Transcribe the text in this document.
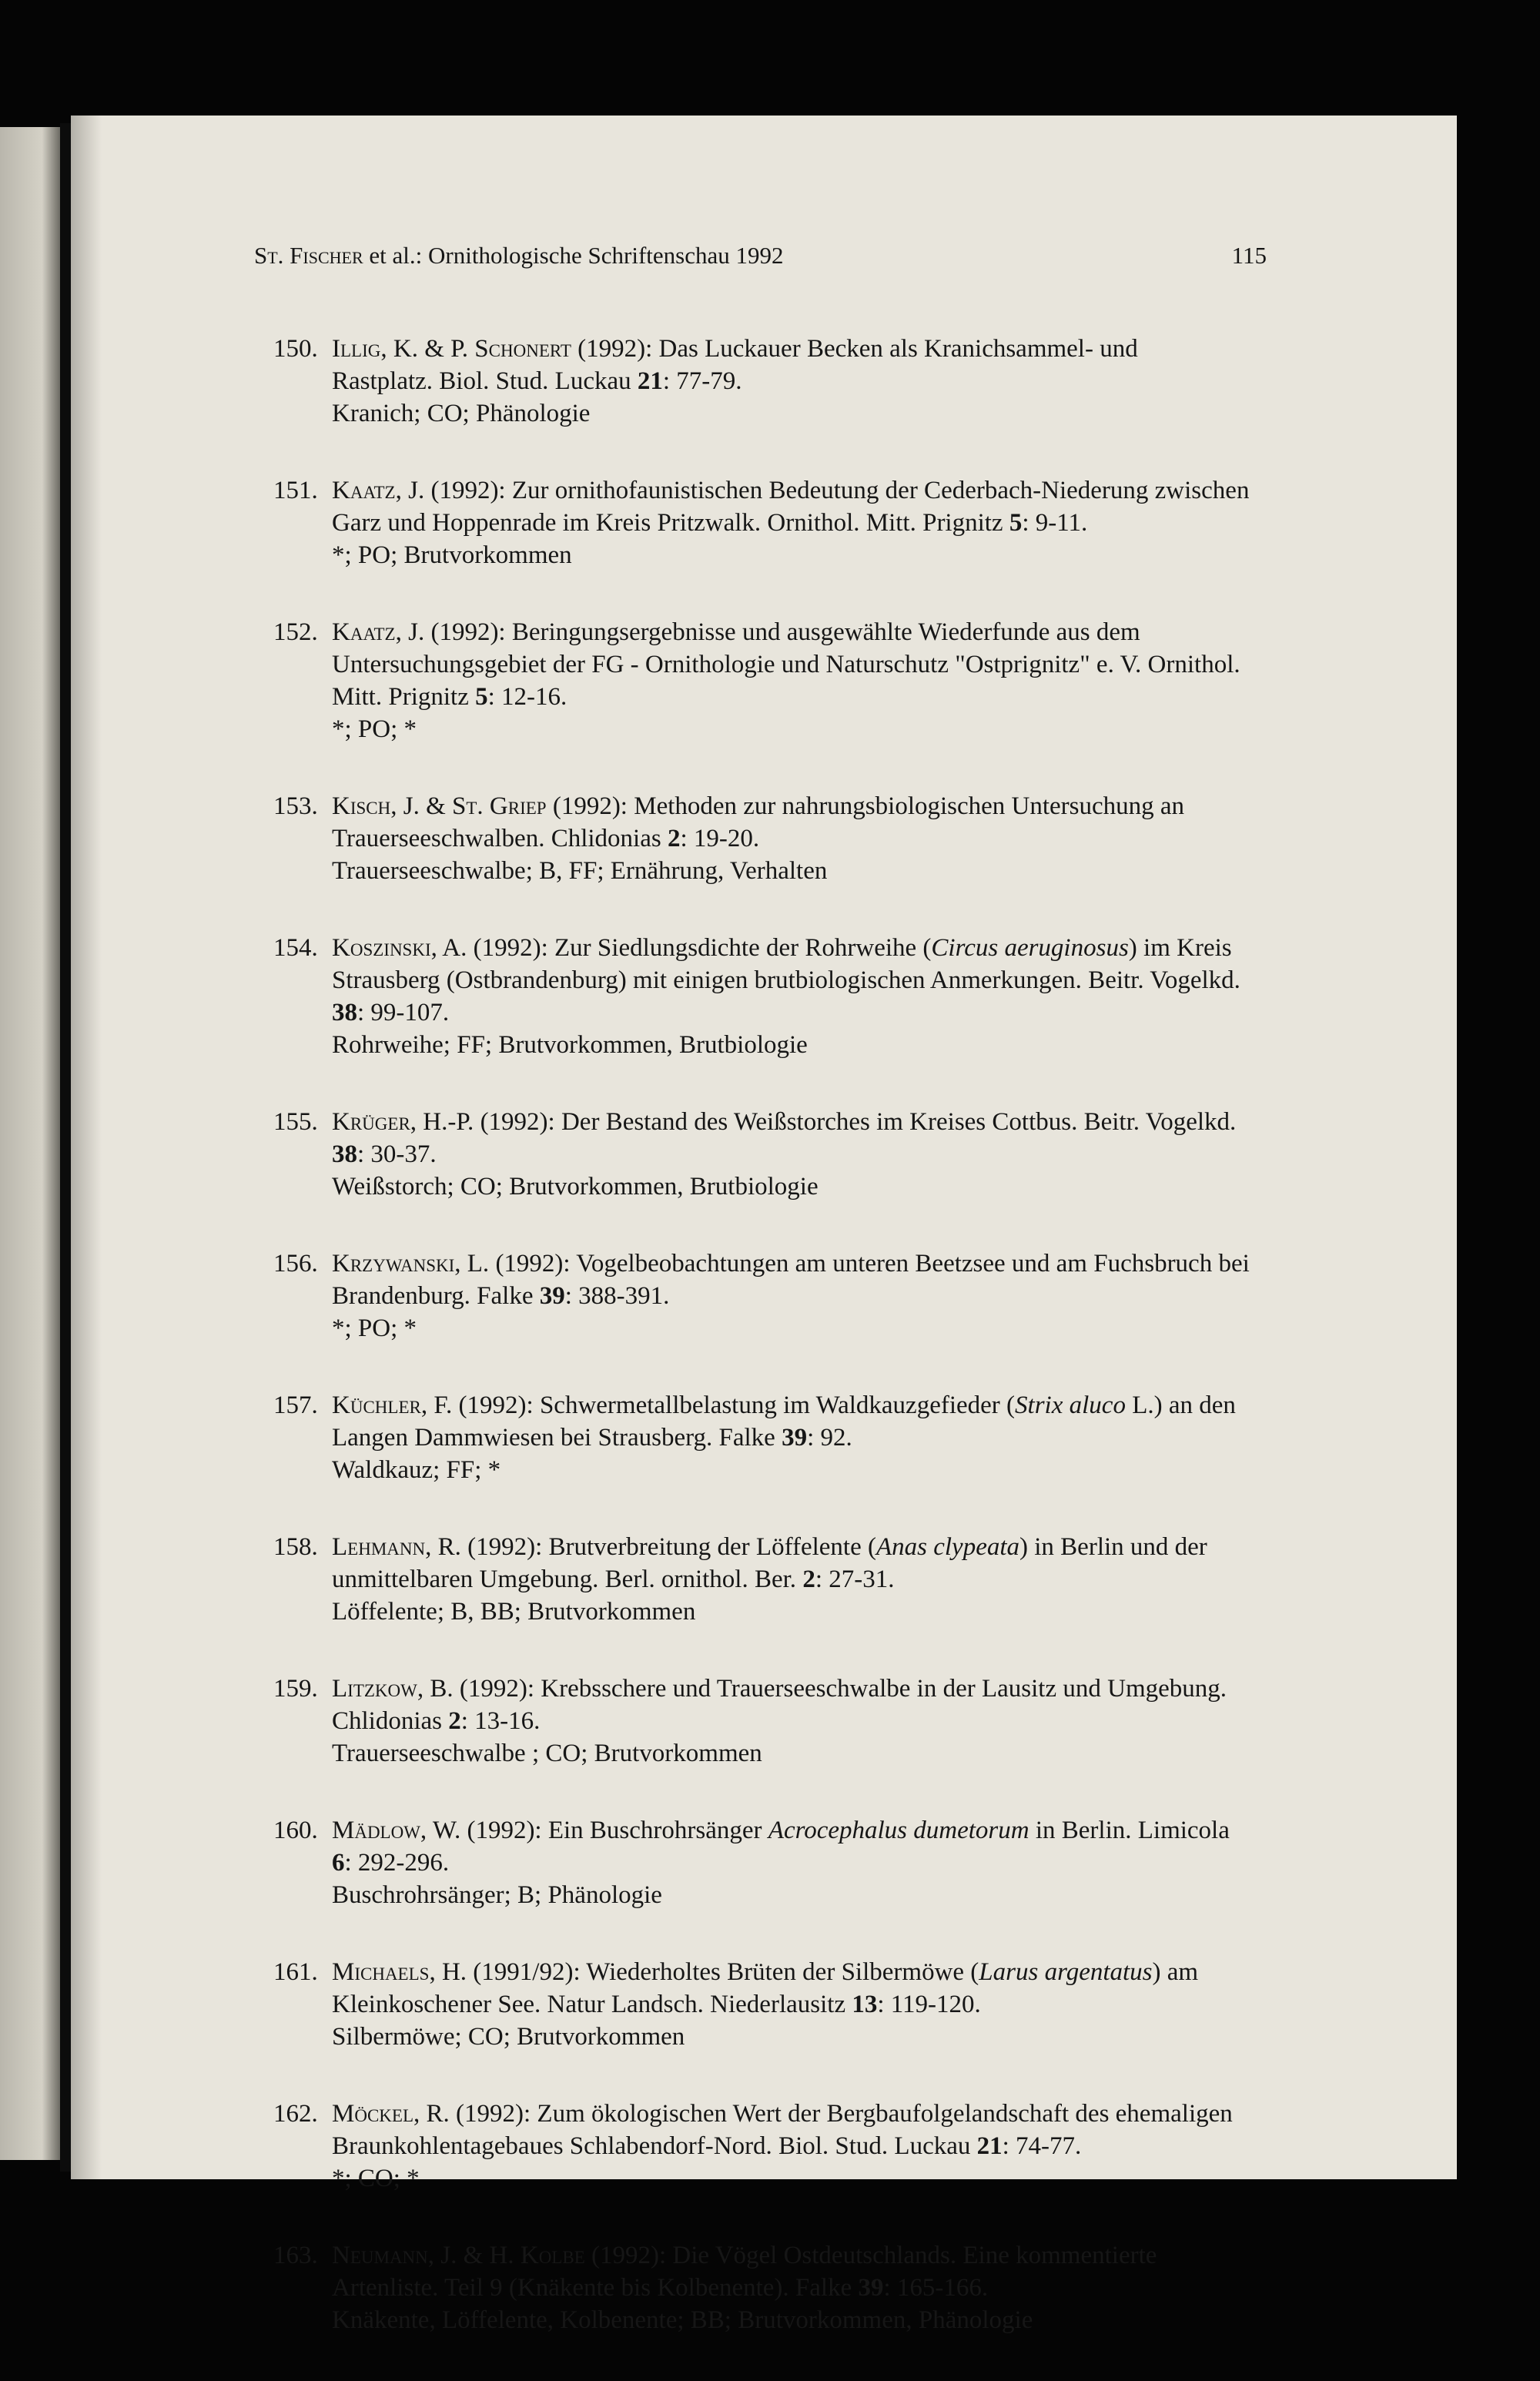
St. Fischer et al.: Ornithologische Schriftenschau 1992	115
150.Illig, K. & P. Schonert (1992): Das Luckauer Becken als Kranichsammel- und
Rastplatz. Biol. Stud. Luckau 21: 77-79.
Kranich; CO; Phänologie
151.Kaatz, J. (1992): Zur ornithofaunistischen Bedeutung der Cederbach-Niederung zwischen
Garz und Hoppenrade im Kreis Pritzwalk. Ornithol. Mitt. Prignitz 5: 9-11.
*; PO; Brutvorkommen
152.Kaatz, J. (1992): Beringungsergebnisse und ausgewählte Wiederfunde aus dem
Untersuchungsgebiet der FG - Ornithologie und Naturschutz "Ostprignitz" e. V. Ornithol.
Mitt. Prignitz 5: 12-16.
*; PO; *
153.Kisch, J. & St. Griep (1992): Methoden zur nahrungsbiologischen Untersuchung an
Trauerseeschwalben. Chlidonias 2: 19-20.
Trauerseeschwalbe; B, FF; Ernährung, Verhalten
154.Koszinski, A. (1992): Zur Siedlungsdichte der Rohrweihe (Circus aeruginosus) im Kreis
Strausberg (Ostbrandenburg) mit einigen brutbiologischen Anmerkungen. Beitr. Vogelkd.
38: 99-107.
Rohrweihe; FF; Brutvorkommen, Brutbiologie
155.Krüger, H.-P. (1992): Der Bestand des Weißstorches im Kreises Cottbus. Beitr. Vogelkd.
38: 30-37.
Weißstorch; CO; Brutvorkommen, Brutbiologie
156.Krzywanski, L. (1992): Vogelbeobachtungen am unteren Beetzsee und am Fuchsbruch bei
Brandenburg. Falke 39: 388-391.
*; PO; *
157.Küchler, F. (1992): Schwermetallbelastung im Waldkauzgefieder (Strix aluco L.) an den
Langen Dammwiesen bei Strausberg. Falke 39: 92.
Waldkauz; FF; *
158.Lehmann, R. (1992): Brutverbreitung der Löffelente (Anas clypeata) in Berlin und der
unmittelbaren Umgebung. Berl. ornithol. Ber. 2: 27-31.
Löffelente; B, BB; Brutvorkommen
159.Litzkow, B. (1992): Krebsschere und Trauerseeschwalbe in der Lausitz und Umgebung.
Chlidonias 2: 13-16.
Trauerseeschwalbe ; CO; Brutvorkommen
160.Mädlow, W. (1992): Ein Buschrohrsänger Acrocephalus dumetorum in Berlin. Limicola
6: 292-296.
Buschrohrsänger; B; Phänologie
161.Michaels, H. (1991/92): Wiederholtes Brüten der Silbermöwe (Larus argentatus) am
Kleinkoschener See. Natur Landsch. Niederlausitz 13: 119-120.
Silbermöwe; CO; Brutvorkommen
162.Möckel, R. (1992): Zum ökologischen Wert der Bergbaufolgelandschaft des ehemaligen
Braunkohlentagebaues Schlabendorf-Nord. Biol. Stud. Luckau 21: 74-77.
*; CO; *
163.Neumann, J. & H. Kolbe (1992): Die Vögel Ostdeutschlands. Eine kommentierte
Artenliste. Teil 9 (Knäkente bis Kolbenente). Falke 39: 165-166.
Knäkente, Löffelente, Kolbenente; BB; Brutvorkommen, Phänologie
